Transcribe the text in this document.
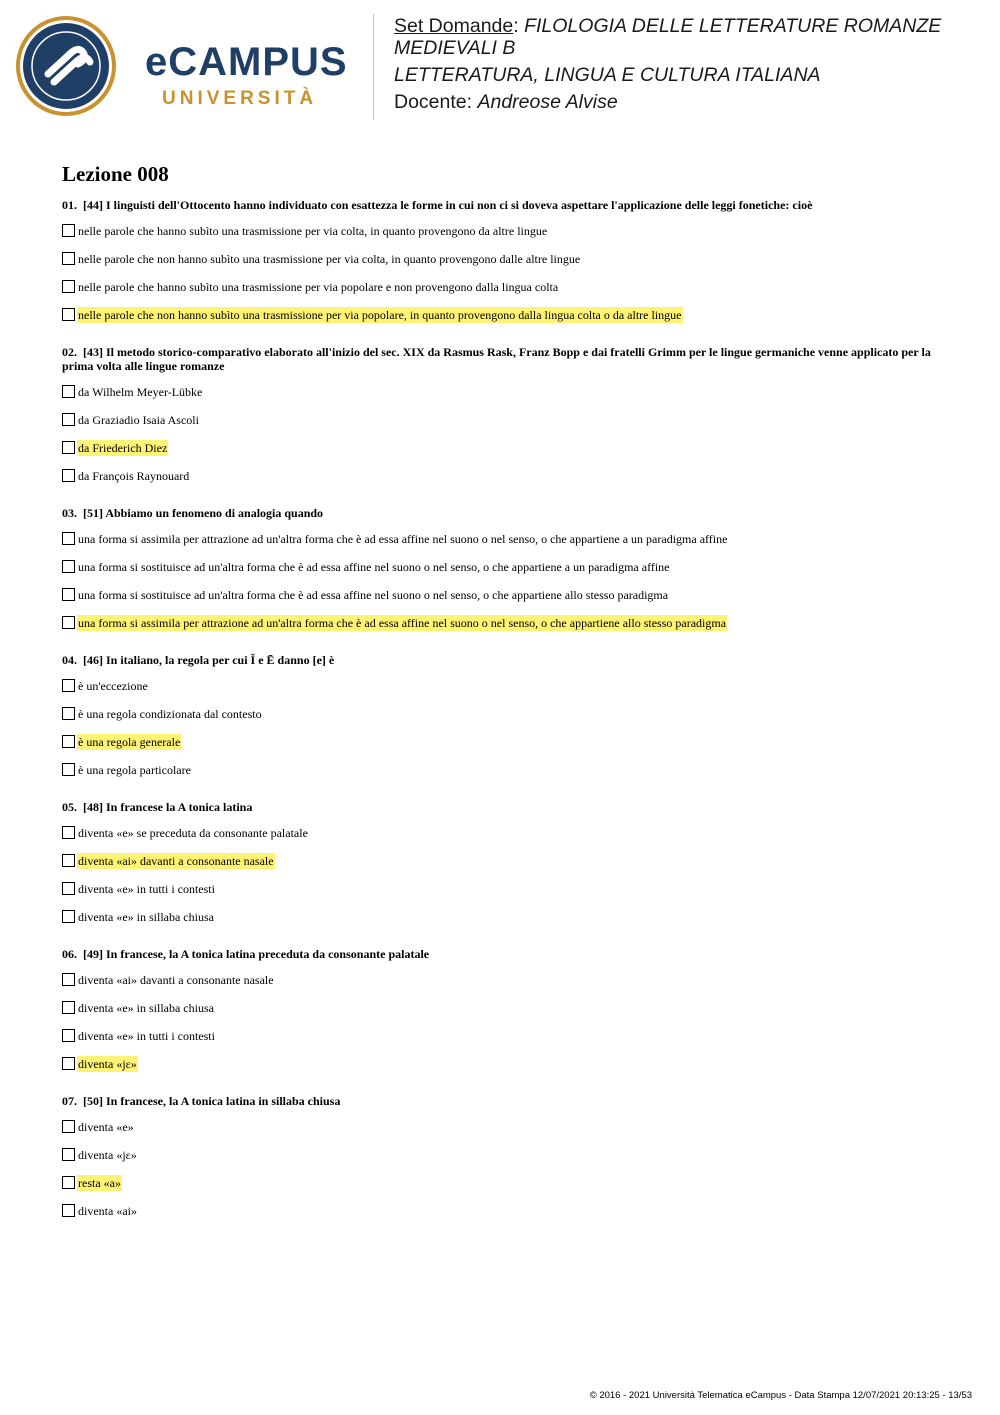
eCAMPUS
UNIVERSITÀ
Set Domande: FILOLOGIA DELLE LETTERATURE ROMANZE
MEDIEVALI B
LETTERATURA, LINGUA E CULTURA ITALIANA
Docente: Andreose Alvise
Lezione 008
01. [44] I linguisti dell'Ottocento hanno individuato con esattezza le forme in cui non ci si doveva aspettare l'applicazione delle leggi fonetiche: cioè
nelle parole che hanno subìto una trasmissione per via colta, in quanto provengono da altre lingue
nelle parole che non hanno subìto una trasmissione per via colta, in quanto provengono dalle altre lingue
nelle parole che hanno subìto una trasmissione per via popolare e non provengono dalla lingua colta
nelle parole che non hanno subìto una trasmissione per via popolare, in quanto provengono dalla lingua colta o da altre lingue
02. [43] Il metodo storico-comparativo elaborato all'inizio del sec. XIX da Rasmus Rask, Franz Bopp e dai fratelli Grimm per le lingue germaniche venne applicato per la prima volta alle lingue romanze
da Wilhelm Meyer-Lübke
da Graziadio Isaia Ascoli
da Friederich Diez
da François Raynouard
03. [51] Abbiamo un fenomeno di analogia quando
una forma si assimila per attrazione ad un'altra forma che è ad essa affine nel suono o nel senso, o che appartiene a un paradigma affine
una forma si sostituisce ad un'altra forma che è ad essa affine nel suono o nel senso, o che appartiene a un paradigma affine
una forma si sostituisce ad un'altra forma che è ad essa affine nel suono o nel senso, o che appartiene allo stesso paradigma
una forma si assimila per attrazione ad un'altra forma che è ad essa affine nel suono o nel senso, o che appartiene allo stesso paradigma
04. [46] In italiano, la regola per cui Ĭ e Ē danno [e] è
è un'eccezione
è una regola condizionata dal contesto
è una regola generale
è una regola particolare
05. [48] In francese la A tonica latina
diventa «e» se preceduta da consonante palatale
diventa «ai» davanti a consonante nasale
diventa «e» in tutti i contesti
diventa «e» in sillaba chiusa
06. [49] In francese, la A tonica latina preceduta da consonante palatale
diventa «ai» davanti a consonante nasale
diventa «e» in sillaba chiusa
diventa «e» in tutti i contesti
diventa «jɛ»
07. [50] In francese, la A tonica latina in sillaba chiusa
diventa «e»
diventa «jɛ»
resta «a»
diventa «ai»
© 2016 - 2021 Università Telematica eCampus - Data Stampa 12/07/2021 20:13:25 - 13/53
